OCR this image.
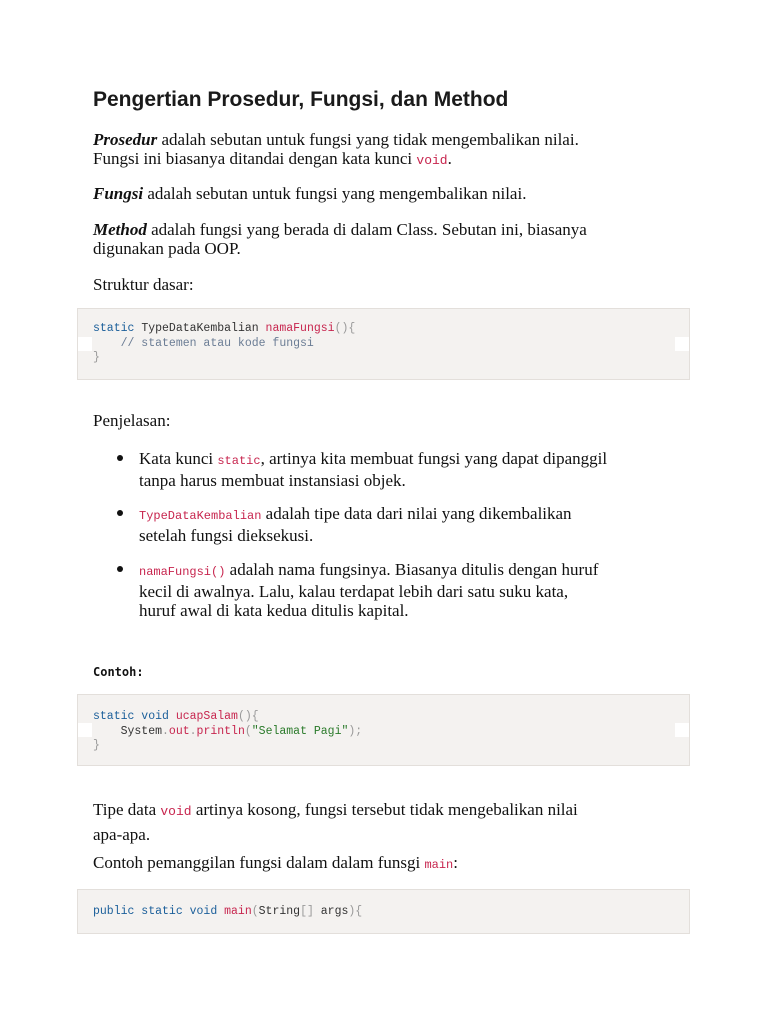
Pengertian Prosedur, Fungsi, dan Method

Prosedur adalah sebutan untuk fungsi yang tidak mengembalikan nilai.
Fungsi ini biasanya ditandai dengan kata kunci void.

Fungsi adalah sebutan untuk fungsi yang mengembalikan nilai.

Method adalah fungsi yang berada di dalam Class. Sebutan ini, biasanya
digunakan pada OOP.

Struktur dasar:

static TypeDataKembalian namaFungsi(){
// statemen atau kode fungsi
}

Penjelasan:

Kata kunci static, artinya kita membuat fungsi yang dapat dipanggil
tanpa harus membuat instansiasi objek.

TypeDataKembalian adalah tipe data dari nilai yang dikembalikan
setelah fungsi dieksekusi.

namaFungsi() adalah nama fungsinya. Biasanya ditulis dengan huruf
kecil di awalnya. Lalu, kalau terdapat lebih dari satu suku kata,
huruf awal di kata kedua ditulis kapital.

Contoh:
static void ucapSalam(){
System.out.println("Selamat Pagi");
}

Tipe data void artinya kosong, fungsi tersebut tidak mengebalikan nilai
apa-apa.

Contoh pemanggilan fungsi dalam dalam funsgi main:

public static void main(String[] args){
